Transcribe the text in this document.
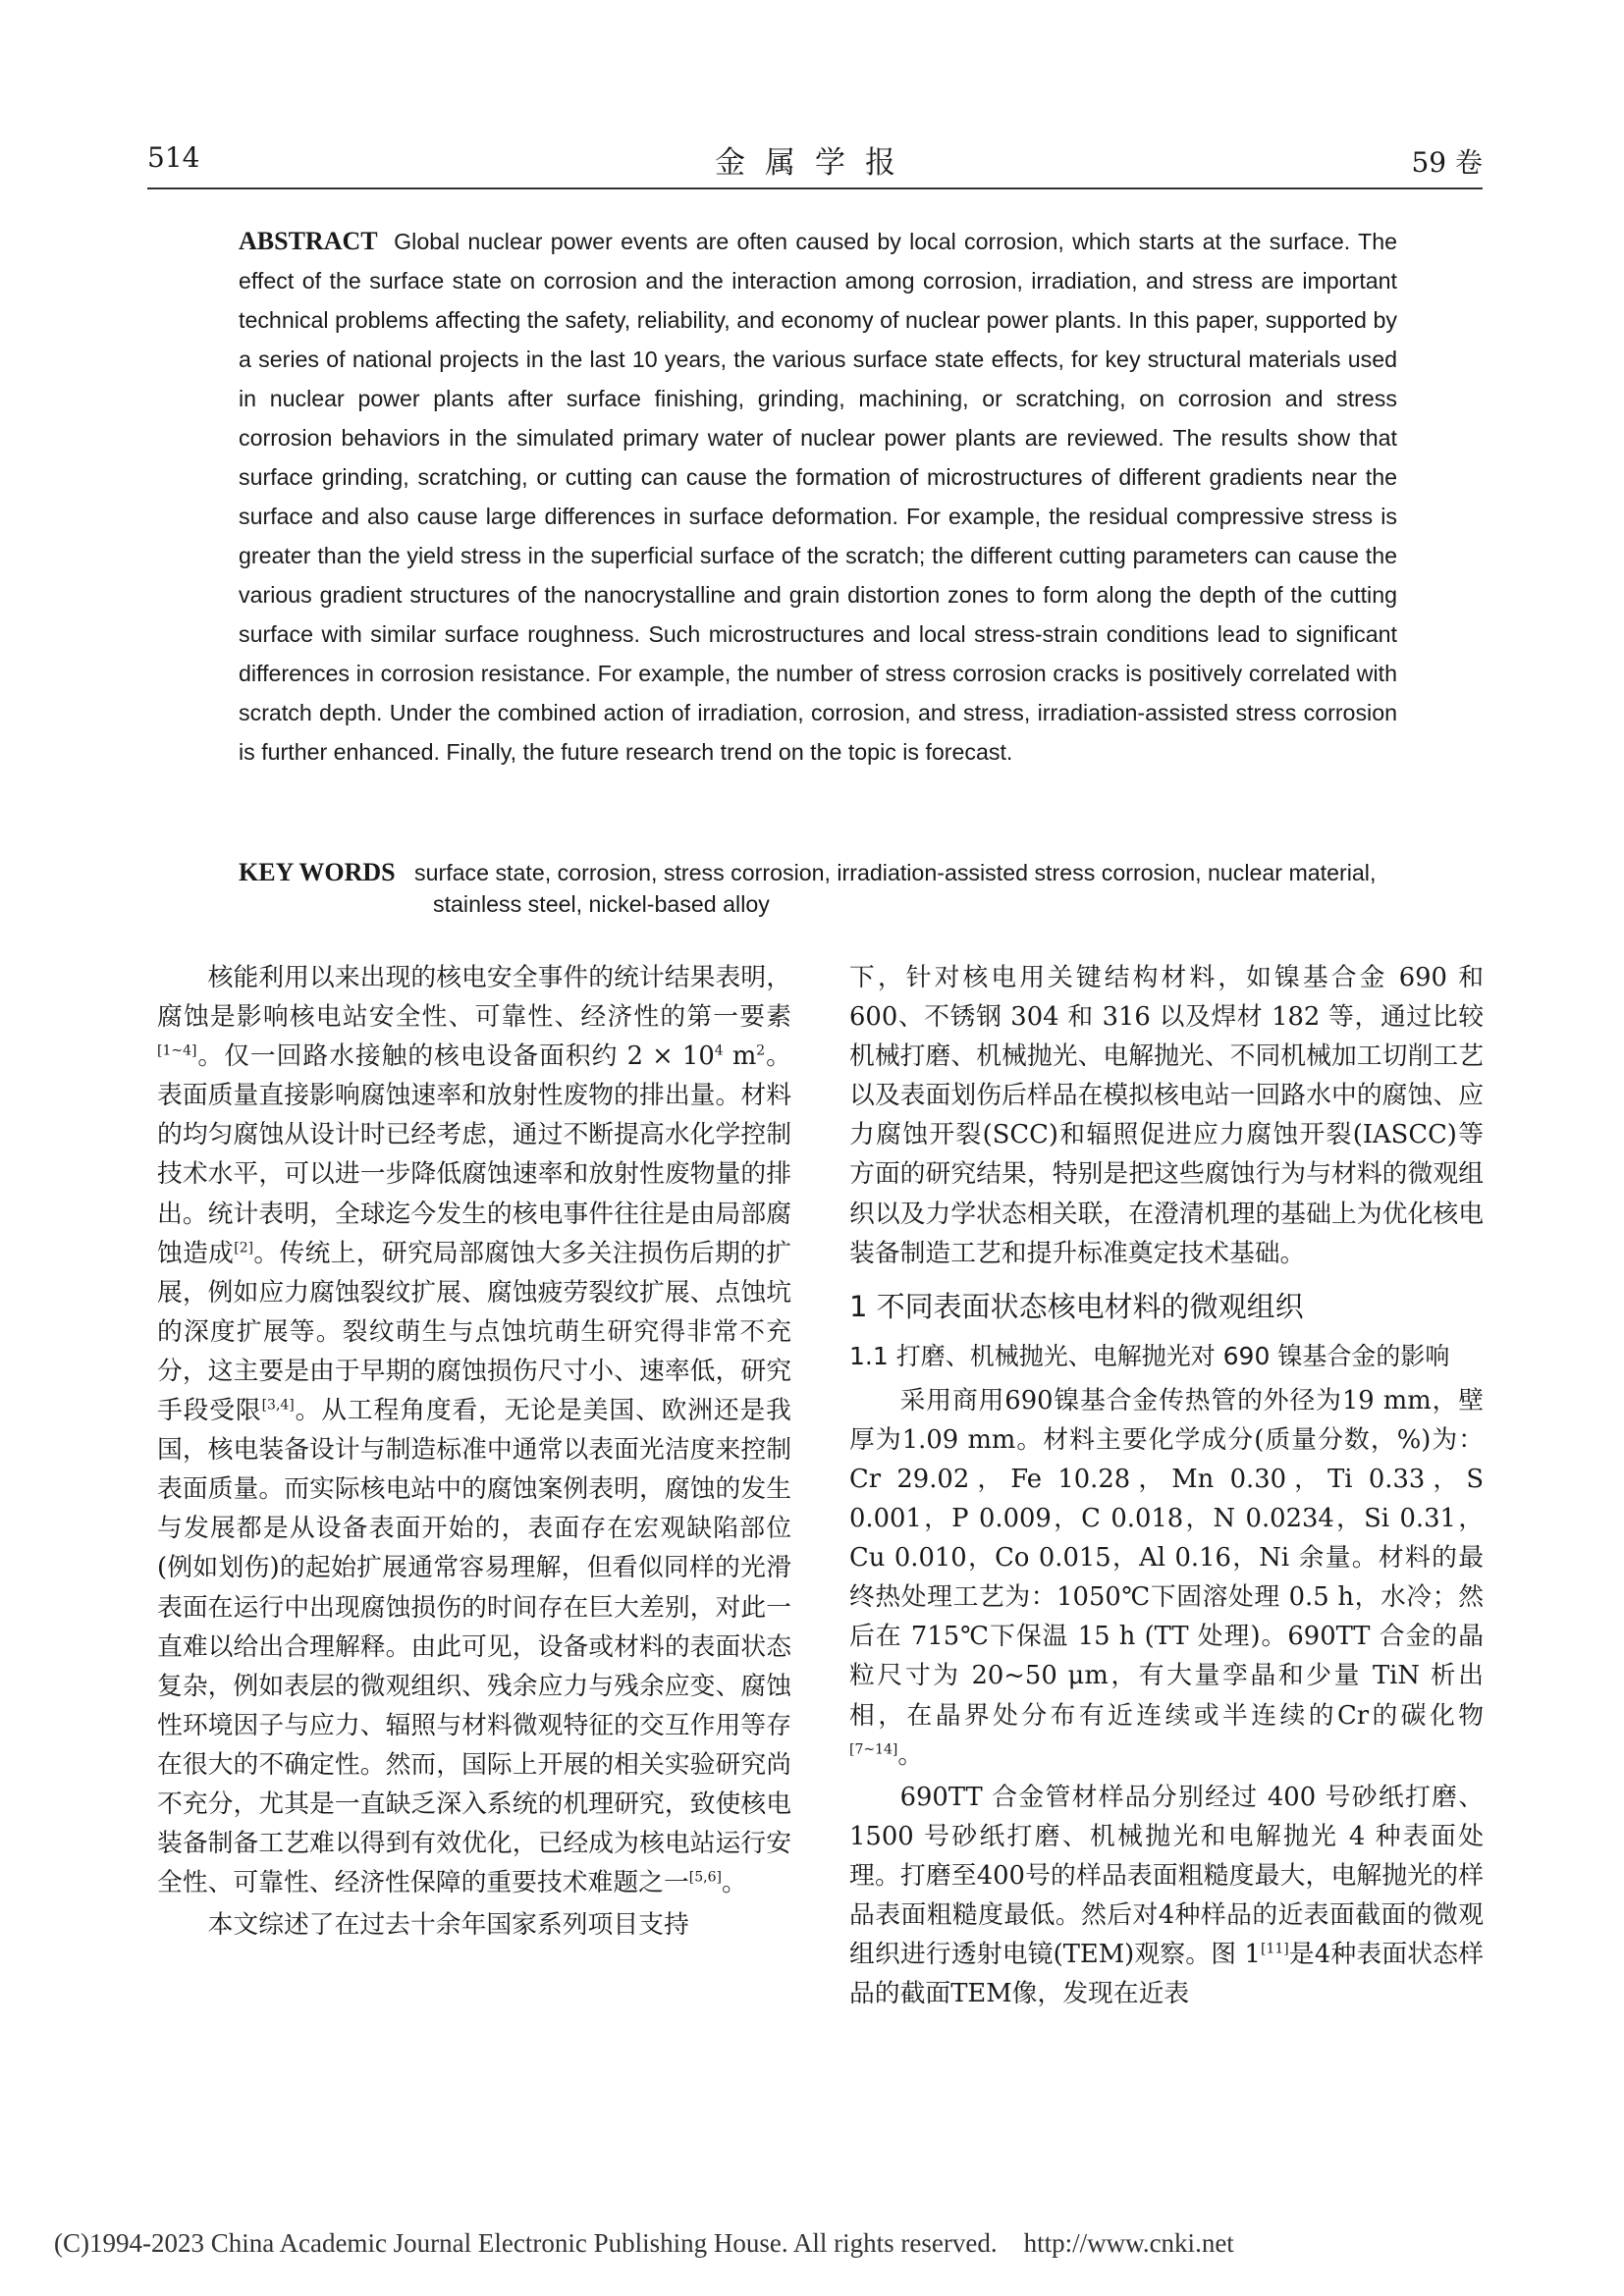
514	金属学报	59 卷
ABSTRACT Global nuclear power events are often caused by local corrosion, which starts at the surface. The effect of the surface state on corrosion and the interaction among corrosion, irradiation, and stress are important technical problems affecting the safety, reliability, and economy of nuclear power plants. In this paper, supported by a series of national projects in the last 10 years, the various surface state effects, for key structural materials used in nuclear power plants after surface finishing, grinding, machining, or scratching, on corrosion and stress corrosion behaviors in the simulated primary water of nuclear power plants are reviewed. The results show that surface grinding, scratching, or cutting can cause the formation of microstructures of different gradients near the surface and also cause large differences in surface deformation. For example, the residual compressive stress is greater than the yield stress in the superficial surface of the scratch; the different cutting parameters can cause the various gradient structures of the nanocrystalline and grain distortion zones to form along the depth of the cutting surface with similar surface roughness. Such microstructures and local stress-strain conditions lead to significant differences in corrosion resistance. For example, the number of stress corrosion cracks is positively correlated with scratch depth. Under the combined action of irradiation, corrosion, and stress, irradiation-assisted stress corrosion is further enhanced. Finally, the future research trend on the topic is forecast.
KEY WORDS surface state, corrosion, stress corrosion, irradiation-assisted stress corrosion, nuclear material, stainless steel, nickel-based alloy

核能利用以来出现的核电安全事件的统计结果表明，腐蚀是影响核电站安全性、可靠性、经济性的第一要素[1~4]。仅一回路水接触的核电设备面积约 $2 \times 10^4$ $m^2$。表面质量直接影响腐蚀速率和放射性废物的排出量。材料的均匀腐蚀从设计时已经考虑，通过不断提高水化学控制技术水平，可以进一步降低腐蚀速率和放射性废物量的排出。统计表明，全球迄今发生的核电事件往往是由局部腐蚀造成[2]。传统上，研究局部腐蚀大多关注损伤后期的扩展，例如应力腐蚀裂纹扩展、腐蚀疲劳裂纹扩展、点蚀坑的深度扩展等。裂纹萌生与点蚀坑萌生研究得非常不充分，这主要是由于早期的腐蚀损伤尺寸小、速率低，研究手段受限[3,4]。从工程角度看，无论是美国、欧洲还是我国，核电装备设计与制造标准中通常以表面光洁度来控制表面质量。而实际核电站中的腐蚀案例表明，腐蚀的发生与发展都是从设备表面开始的，表面存在宏观缺陷部位(例如划伤)的起始扩展通常容易理解，但看似同样的光滑表面在运行中出现腐蚀损伤的时间存在巨大差别，对此一直难以给出合理解释。由此可见，设备或材料的表面状态复杂，例如表层的微观组织、残余应力与残余应变、腐蚀性环境因子与应力、辐照与材料微观特征的交互作用等存在很大的不确定性。然而，国际上开展的相关实验研究尚不充分，尤其是一直缺乏深入系统的机理研究，致使核电装备制备工艺难以得到有效优化，已经成为核电站运行安全性、可靠性、经济性保障的重要技术难题之一[5,6]。

本文综述了在过去十余年国家系列项目支持

下，针对核电用关键结构材料，如镍基合金 690 和 600、不锈钢 304 和 316 以及焊材 182 等，通过比较机械打磨、机械抛光、电解抛光、不同机械加工切削工艺以及表面划伤后样品在模拟核电站一回路水中的腐蚀、应力腐蚀开裂(SCC)和辐照促进应力腐蚀开裂(IASCC)等方面的研究结果，特别是把这些腐蚀行为与材料的微观组织以及力学状态相关联，在澄清机理的基础上为优化核电装备制造工艺和提升标准奠定技术基础。

1 不同表面状态核电材料的微观组织
1.1 打磨、机械抛光、电解抛光对 690 镍基合金的影响

采用商用690镍基合金传热管的外径为19 mm，壁厚为1.09 mm。材料主要化学成分(质量分数，%)为：Cr 29.02，Fe 10.28，Mn 0.30，Ti 0.33，S 0.001，P 0.009，C 0.018，N 0.0234，Si 0.31，Cu 0.010，Co 0.015，Al 0.16，Ni 余量。材料的最终热处理工艺为：1050℃下固溶处理 0.5 h，水冷；然后在 715℃下保温 15 h (TT 处理)。690TT 合金的晶粒尺寸为 20~50 μm，有大量孪晶和少量 TiN 析出相，在晶界处分布有近连续或半连续的Cr的碳化物[7~14]。

690TT 合金管材样品分别经过 400 号砂纸打磨、1500 号砂纸打磨、机械抛光和电解抛光 4 种表面处理。打磨至400号的样品表面粗糙度最大，电解抛光的样品表面粗糙度最低。然后对4种样品的近表面截面的微观组织进行透射电镜(TEM)观察。图 1[11]是4种表面状态样品的截面TEM像，发现在近表

(C)1994-2023 China Academic Journal Electronic Publishing House. All rights reserved. http://www.cnki.net
